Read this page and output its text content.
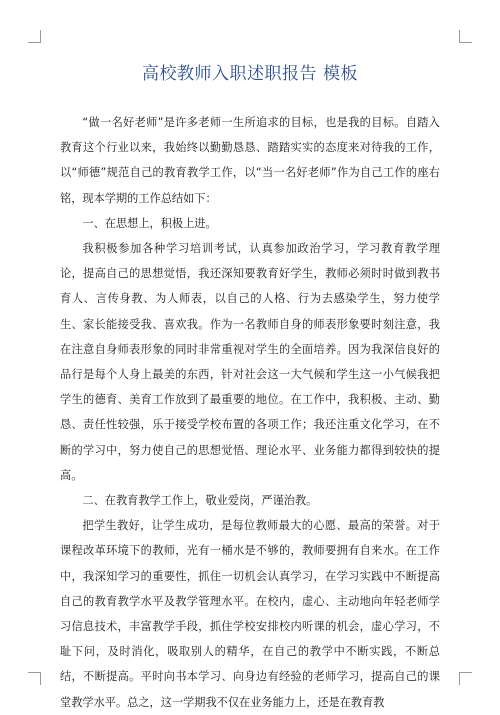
高校教师入职述职报告 模板

“做一名好老师”是许多老师一生所追求的目标，也是我的目标。自踏入教育这个行业以来，我始终以勤勤恳恳、踏踏实实的态度来对待我的工作，以“师德”规范自己的教育教学工作，以“当一名好老师”作为自己工作的座右铭，现本学期的工作总结如下：

一、在思想上，积极上进。

我积极参加各种学习培训考试，认真参加政治学习，学习教育教学理论，提高自己的思想觉悟，我还深知要教育好学生，教师必须时时做到教书育人、言传身教、为人师表，以自己的人格、行为去感染学生，努力使学生、家长能接受我、喜欢我。作为一名教师自身的师表形象要时刻注意，我在注意自身师表形象的同时非常重视对学生的全面培养。因为我深信良好的品行是每个人身上最美的东西，针对社会这一大气候和学生这一小气候我把学生的德育、美育工作放到了最重要的地位。在工作中，我积极、主动、勤恳、责任性较强，乐于接受学校布置的各项工作；我还注重文化学习，在不断的学习中，努力使自己的思想觉悟、理论水平、业务能力都得到较快的提高。

二、在教育教学工作上，敬业爱岗，严谨治教。

把学生教好，让学生成功，是每位教师最大的心愿、最高的荣誉。对于课程改革环境下的教师，光有一桶水是不够的，教师要拥有自来水。在工作中，我深知学习的重要性，抓住一切机会认真学习，在学习实践中不断提高自己的教育教学水平及教学管理水平。在校内，虚心、主动地向年轻老师学习信息技术，丰富教学手段，抓住学校安排校内听课的机会，虚心学习，不耻下问，及时消化，吸取别人的精华，在自己的教学中不断实践，不断总结，不断提高。平时向书本学习、向身边有经验的老师学习，提高自己的课堂教学水平。总之，这一学期我不仅在业务能力上，还是在教育教
